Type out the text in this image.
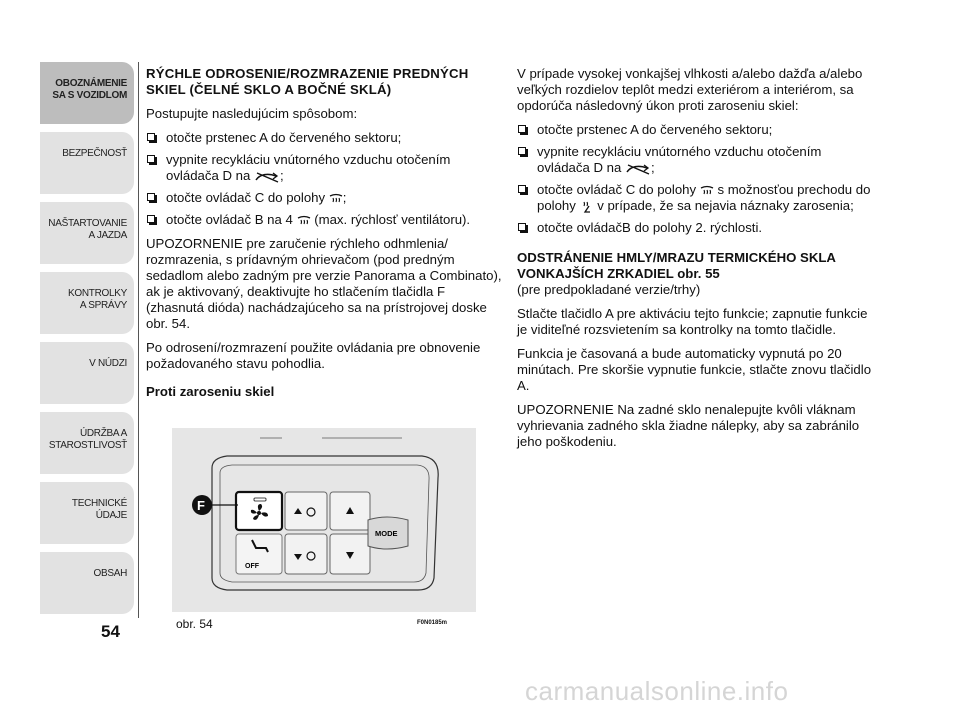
OBOZNÁMENIE
SA S VOZIDLOM
BEZPEČNOSŤ
NAŠTARTOVANIE
A JAZDA
KONTROLKY
A SPRÁVY
V NÚDZI
ÚDRŽBA A
STAROSTLIVOSŤ
TECHNICKÉ
ÚDAJE
OBSAH
54
RÝCHLE ODROSENIE/ROZMRAZENIE PREDNÝCH SKIEL (ČELNÉ SKLO A BOČNÉ SKLÁ)

Postupujte nasledujúcim spôsobom:

otočte prstenec A do červeného sektoru;
vypnite recykláciu vnútorného vzduchu otočením ovládača D na ;
otočte ovládač C do polohy ;
otočte ovládač B na 4 (max. rýchlosť ventilátoru).

UPOZORNENIE pre zaručenie rýchleho odhmlenia/ rozmrazenia, s prídavným ohrievačom (pod predným sedadlom alebo zadným pre verzie Panorama a Combinato), ak je aktivovaný, deaktivujte ho stlačením tlačidla F (zhasnutá dióda) nachádzajúceho sa na prístrojovej doske obr. 54.

Po odrosení/rozmrazení použite ovládania pre obnovenie požadovaného stavu pohodlia.

Proti zaroseniu skiel

V prípade vysokej vonkajšej vlhkosti a/alebo dažďa a/alebo veľkých rozdielov teplôt medzi exteriérom a interiérom, sa opdorúča následovný úkon proti zaroseniu skiel:

otočte prstenec A do červeného sektoru;
vypnite recykláciu vnútorného vzduchu otočením ovládača D na ;
otočte ovládač C do polohy s možnosťou prechodu do polohy v prípade, že sa nejavia náznaky zarosenia;
otočte ovládačB do polohy 2. rýchlosti.
ODSTRÁNENIE HMLY/MRAZU TERMICKÉHO SKLA VONKAJŠÍCH ZRKADIEL obr. 55

(pre predpokladané verzie/trhy)

Stlačte tlačidlo A pre aktiváciu tejto funkcie; zapnutie funkcie je viditeľné rozsvietením sa kontrolky na tomto tlačidle.

Funkcia je časovaná a bude automaticky vypnutá po 20 minútach. Pre skoršie vypnutie funkcie, stlačte znovu tlačidlo A.

UPOZORNENIE Na zadné sklo nenalepujte kvôli vláknam vyhrievania zadného skla žiadne nálepky, aby sa zabránilo jeho poškodeniu.

OFF
MODE
F
obr. 54	F0N0185m
carmanualsonline.info
